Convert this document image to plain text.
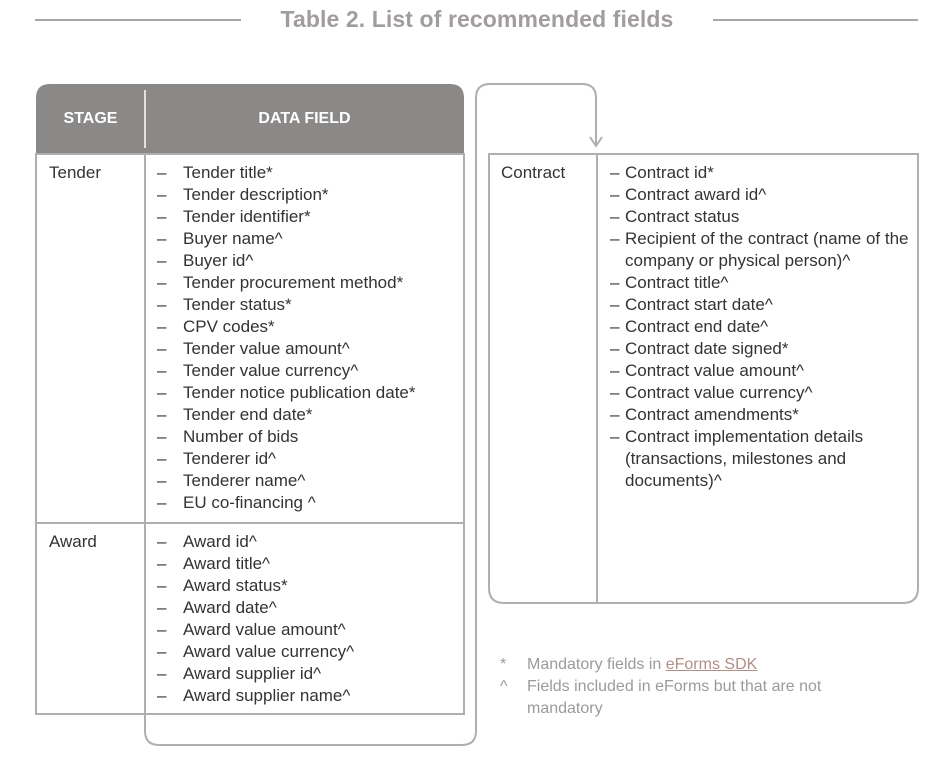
Table 2. List of recommended fields
STAGE	DATA FIELD
Tender	– Tender title*
– Tender description*
– Tender identifier*
– Buyer name^
– Buyer id^
– Tender procurement method*
– Tender status*
– CPV codes*
– Tender value amount^
– Tender value currency^
– Tender notice publication date*
– Tender end date*
– Number of bids
– Tenderer id^
– Tenderer name^
– EU co-financing ^
Award	– Award id^
– Award title^
– Award status*
– Award date^
– Award value amount^
– Award value currency^
– Award supplier id^
– Award supplier name^
Contract	– Contract id*
– Contract award id^
– Contract status
– Recipient of the contract (name of the company or physical person)^
– Contract title^
– Contract start date^
– Contract end date^
– Contract date signed*
– Contract value amount^
– Contract value currency^
– Contract amendments*
– Contract implementation details (transactions, milestones and documents)^
* Mandatory fields in eForms SDK
^ Fields included in eForms but that are not mandatory
